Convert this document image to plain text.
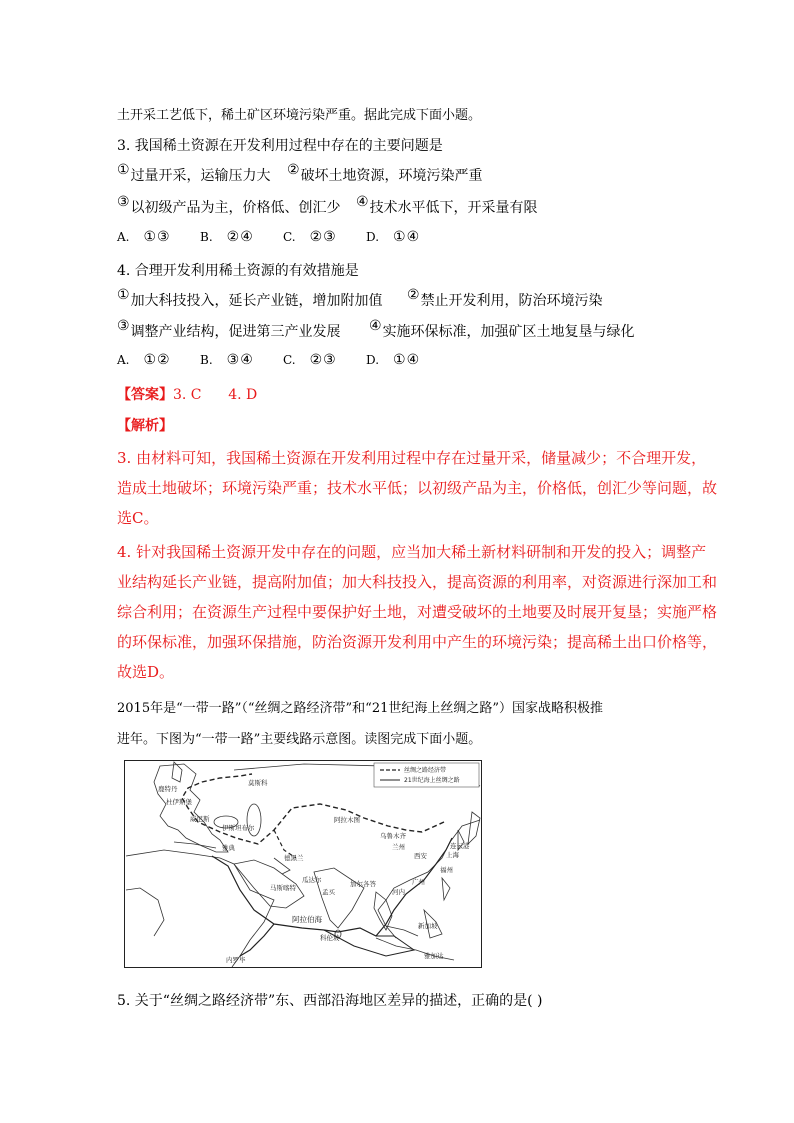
土开采工艺低下，稀土矿区环境污染严重。据此完成下面小题。
3. 我国稀土资源在开发利用过程中存在的主要问题是
①过量开采，运输压力大 ②破坏土地资源，环境污染严重
③以初级产品为主，价格低、创汇少 ④技术水平低下，开采量有限
A. ①③ B. ②④ C. ②③ D. ①④
4. 合理开发利用稀土资源的有效措施是
①加大科技投入，延长产业链，增加附加值 ②禁止开发利用，防治环境污染
③调整产业结构，促进第三产业发展 ④实施环保标准，加强矿区土地复垦与绿化
A. ①② B. ③④ C. ②③ D. ①④
【答案】3. C      4. D
【解析】
3. 由材料可知，我国稀土资源在开发利用过程中存在过量开采，储量减少；不合理开发，
造成土地破坏；环境污染严重；技术水平低；以初级产品为主，价格低，创汇少等问题，故
选C。
4. 针对我国稀土资源开发中存在的问题，应当加大稀土新材料研制和开发的投入；调整产
业结构延长产业链，提高附加值；加大科技投入，提高资源的利用率，对资源进行深加工和
综合利用；在资源生产过程中要保护好土地，对遭受破坏的土地要及时展开复垦；实施严格
的环保标准，加强环保措施，防治资源开发利用中产生的环境污染；提高稀土出口价格等，
故选D。
2015年是“一带一路”（“丝绸之路经济带”和“21世纪海上丝绸之路”）国家战略积极推
进年。下图为“一带一路”主要线路示意图。读图完成下面小题。
丝绸之路经济带
21世纪海上丝绸之路
莫斯科
鹿特丹
杜伊斯堡
威尼斯
伊斯坦布尔
雅典
德黑兰
阿拉木图
乌鲁木齐
兰州
西安
连云港
上海
福州
广州
河内
瓜达尔
马斯喀特	孟买
加尔各答
阿拉伯海
科伦坡
新加坡
雅加达
内罗毕
5. 关于“丝绸之路经济带”东、西部沿海地区差异的描述，正确的是( )
